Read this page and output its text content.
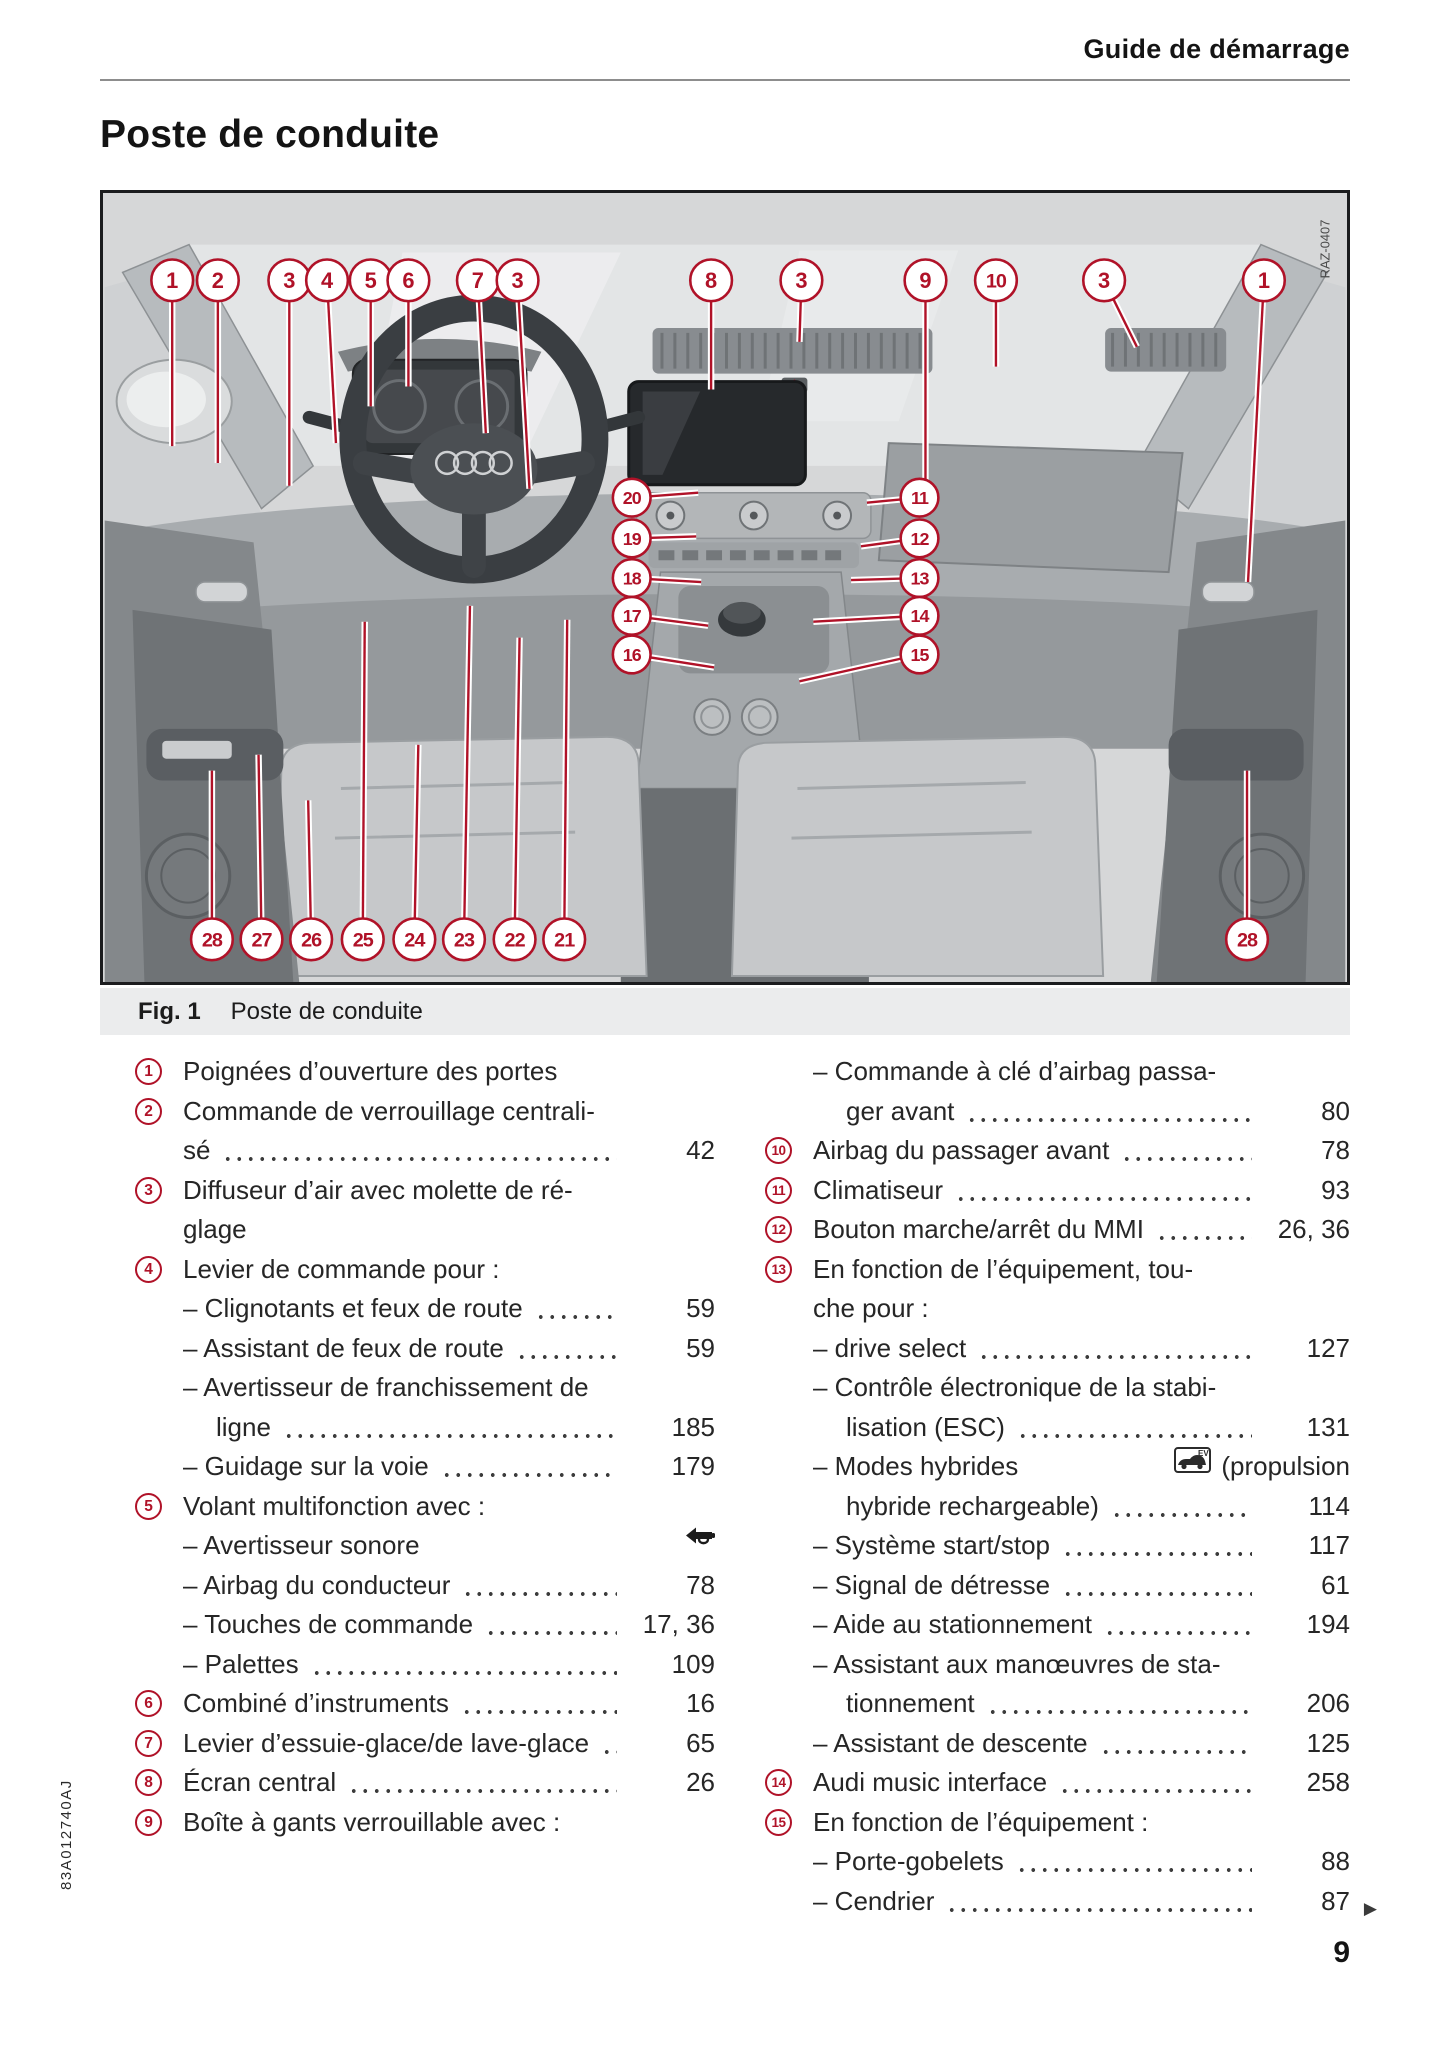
Guide de démarrage
Poste de conduite
RAZ-0407
1 2	3 4 5 6	7 3	8	3	9	10	3	1
20
19
18
17
16
11
12
13
14
15
28 27 26 25 24 23 22 21	28
Fig. 1 Poste de conduite
1	Poignées d’ouverture des portes
2	Commande de verrouillage centrali-
sé	42
3	Diffuseur d’air avec molette de ré-
glage
4	Levier de commande pour :
– Clignotants et feux de route	59
– Assistant de feux de route	59
– Avertisseur de franchissement de
ligne	185
– Guidage sur la voie	179
5	Volant multifonction avec :
– Avertisseur sonore
– Airbag du conducteur	78
– Touches de commande	17, 36
– Palettes	109
6	Combiné d’instruments	16
7	Levier d’essuie-glace/de lave-glace	65
8	Écran central	26
9	Boîte à gants verrouillable avec :
– Commande à clé d’airbag passa-
ger avant	80
10 Airbag du passager avant	78
11 Climatiseur	93
12 Bouton marche/arrêt du MMI	26, 36
13 En fonction de l’équipement, tou-
che pour :
– drive select	127
– Contrôle électronique de la stabi-
lisation (ESC)	131
– Modes hybrides	EV (propulsion
hybride rechargeable)	114
– Système start/stop	117
– Signal de détresse	61
– Aide au stationnement	194
– Assistant aux manœuvres de sta-
tionnement	206
– Assistant de descente	125
14 Audi music interface	258
15 En fonction de l’équipement :
– Porte-gobelets	88
– Cendrier	87 ▶
83A012740AJ
9
